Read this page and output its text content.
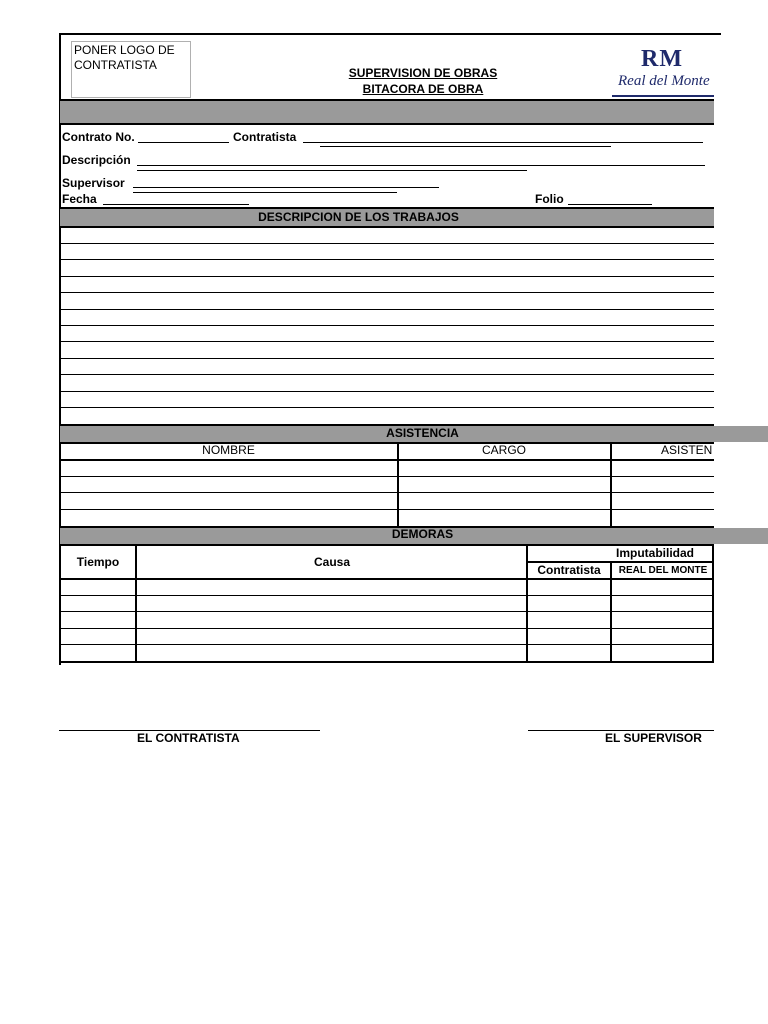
PONER LOGO DE CONTRATISTA
SUPERVISION DE OBRAS
BITACORA DE OBRA
RM
Real del Monte
Contrato No.	Contratista
Descripción
Supervisor
Fecha	Folio
DESCRIPCION DE LOS TRABAJOS
ASISTENCIA
NOMBRE	CARGO	ASISTEN
DEMORAS
Tiempo	Causa
Imputabilidad
Contratista	REAL DEL MONTE
EL CONTRATISTA	EL SUPERVISOR
